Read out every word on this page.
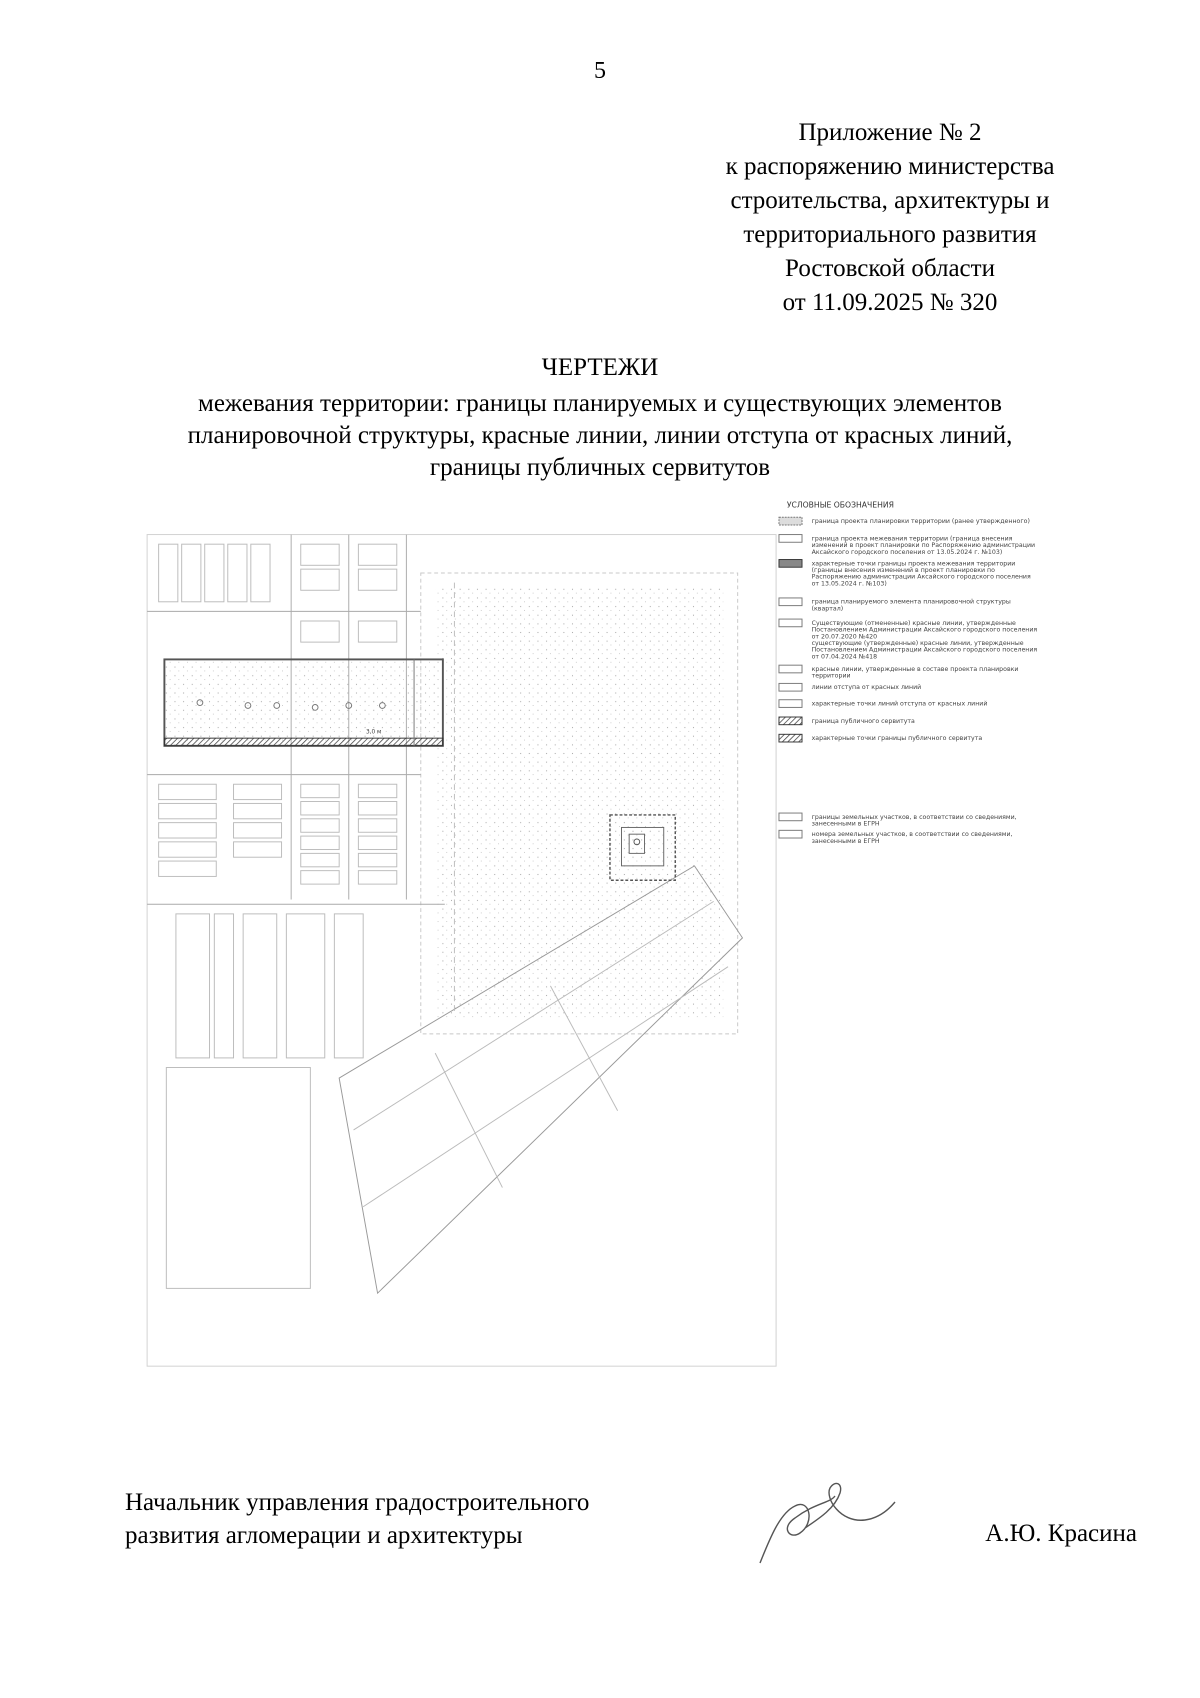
5
Приложение № 2
к распоряжению министерства
строительства, архитектуры и
территориального развития
Ростовской области
от 11.09.2025 № 320
ЧЕРТЕЖИ
межевания территории: границы планируемых и существующих элементов
планировочной структуры, красные линии, линии отступа от красных линий,
границы публичных сервитутов
3,0 м
УСЛОВНЫЕ ОБОЗНАЧЕНИЯ
граница проекта планировки территории (ранее утвержденного)
граница проекта межевания территории (граница внесения
изменений в проект планировки по Распоряжению администрации
Аксайского городского поселения от 13.05.2024 г. №103)
характерные точки границы проекта межевания территории
(границы внесения изменений в проект планировки по
Распоряжению администрации Аксайского городского поселения
от 13.05.2024 г. №103)
граница планируемого элемента планировочной структуры
(квартал)
Существующие (отмененные) красные линии, утвержденные
Постановлением Администрации Аксайского городского поселения
от 20.07.2020 №420
существующие (утвержденные) красные линии, утвержденные
Постановлением Администрации Аксайского городского поселения
от 07.04.2024 №418
красные линии, утвержденные в составе проекта планировки
территории
линии отступа от красных линий
характерные точки линий отступа от красных линий
граница публичного сервитута
характерные точки границы публичного сервитута
границы земельных участков, в соответствии со сведениями,
занесенными в ЕГРН
номера земельных участков, в соответствии со сведениями,
занесенными в ЕГРН
Начальник управления градостроительного
развития агломерации и архитектуры	А.Ю. Красина
